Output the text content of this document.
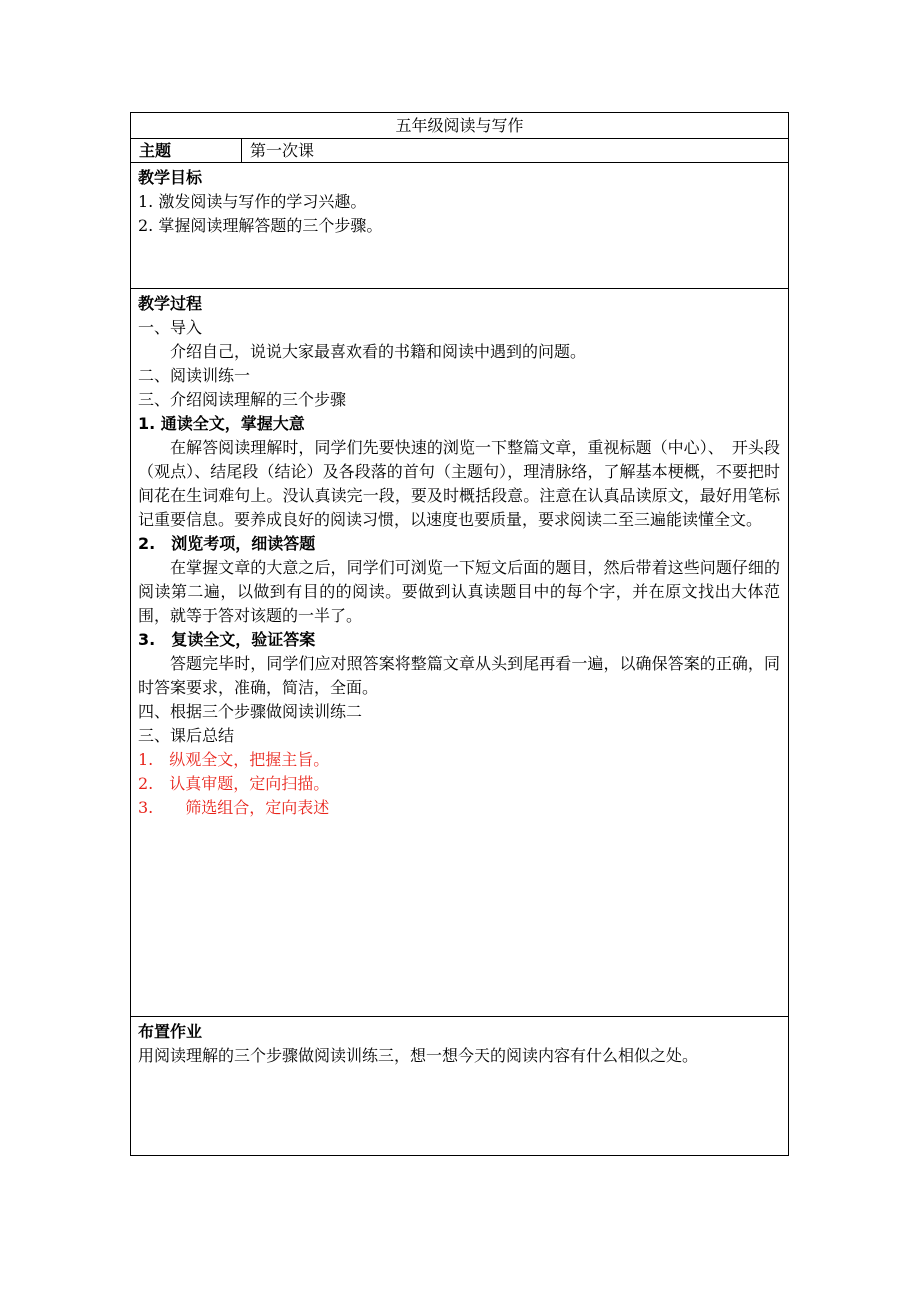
五年级阅读与写作
主题	第一次课

教学目标

1. 激发阅读与写作的学习兴趣。

2. 掌握阅读理解答题的三个步骤。

教学过程

一、导入

介绍自己，说说大家最喜欢看的书籍和阅读中遇到的问题。

二、阅读训练一

三、介绍阅读理解的三个步骤

1. 通读全文，掌握大意

在解答阅读理解时，同学们先要快速的浏览一下整篇文章，重视标题（中心）、　开头段（观点）、结尾段（结论）及各段落的首句（主题句），理清脉络，了解基本梗概，不要把时间花在生词难句上。没认真读完一段，要及时概括段意。注意在认真品读原文，最好用笔标记重要信息。要养成良好的阅读习惯，以速度也要质量，要求阅读二至三遍能读懂全文。

2.　浏览考项，细读答题

在掌握文章的大意之后，同学们可浏览一下短文后面的题目，然后带着这些问题仔细的阅读第二遍，以做到有目的的阅读。要做到认真读题目中的每个字，并在原文找出大体范围，就等于答对该题的一半了。

3.　复读全文，验证答案

答题完毕时，同学们应对照答案将整篇文章从头到尾再看一遍，以确保答案的正确，同时答案要求，准确，简洁，全面。

四、根据三个步骤做阅读训练二

三、课后总结

1.　纵观全文，把握主旨。

2.　认真审题，定向扫描。

3.　　筛选组合，定向表述

布置作业

用阅读理解的三个步骤做阅读训练三，想一想今天的阅读内容有什么相似之处。
